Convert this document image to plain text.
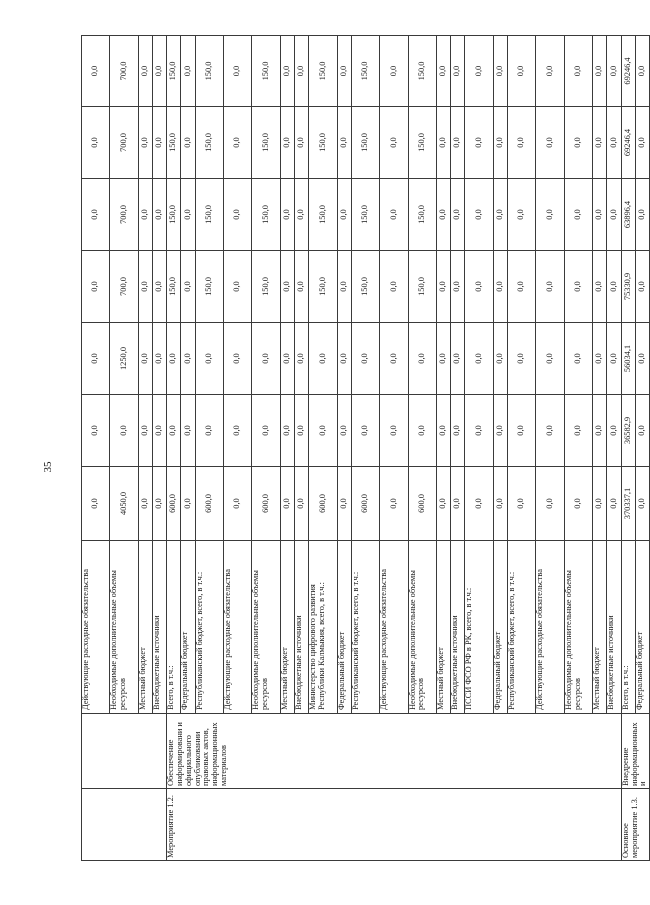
35
		Действующие расходные обязательства	0,0	0,0	0,0	0,0	0,0	0,0	0,0
		Необходимые дополнительные объемы ресурсов	4050,0	0,0	1250,0	700,0	700,0	700,0	700,0
		Местный бюджет	0,0	0,0	0,0	0,0	0,0	0,0	0,0
		Внебюджетные источники	0,0	0,0	0,0	0,0	0,0	0,0	0,0
Мероприятие 1.2.	Обеспечение информировани и официального опубликовании правовых актов, информационных материалов	Всего, в т.ч.:	600,0	0,0	0,0	150,0	150,0	150,0	150,0
		Федеральный бюджет	0,0	0,0	0,0	0,0	0,0	0,0	0,0
		Республиканский бюджет, всего, в т.ч.:	600,0	0,0	0,0	150,0	150,0	150,0	150,0
		Действующие расходные обязательства	0,0	0,0	0,0	0,0	0,0	0,0	0,0
		Необходимые дополнительные объемы ресурсов	600,0	0,0	0,0	150,0	150,0	150,0	150,0
		Местный бюджет	0,0	0,0	0,0	0,0	0,0	0,0	0,0
		Внебюджетные источники	0,0	0,0	0,0	0,0	0,0	0,0	0,0
		Министерство цифрового развития Республики Калмыкия, всего, в т.ч.:	600,0	0,0	0,0	150,0	150,0	150,0	150,0
		Федеральный бюджет	0,0	0,0	0,0	0,0	0,0	0,0	0,0
		Республиканский бюджет, всего, в т.ч.:	600,0	0,0	0,0	150,0	150,0	150,0	150,0
		Действующие расходные обязательства	0,0	0,0	0,0	0,0	0,0	0,0	0,0
		Необходимые дополнительные объемы ресурсов	600,0	0,0	0,0	150,0	150,0	150,0	150,0
		Местный бюджет	0,0	0,0	0,0	0,0	0,0	0,0	0,0
		Внебюджетные источники	0,0	0,0	0,0	0,0	0,0	0,0	0,0
		ПССИ ФСО РФ в РК, всего, в т.ч.:	0,0	0,0	0,0	0,0	0,0	0,0	0,0
		Федеральный бюджет	0,0	0,0	0,0	0,0	0,0	0,0	0,0
		Республиканский бюджет, всего, в т.ч.:	0,0	0,0	0,0	0,0	0,0	0,0	0,0
		Действующие расходные обязательства	0,0	0,0	0,0	0,0	0,0	0,0	0,0
		Необходимые дополнительные объемы ресурсов	0,0	0,0	0,0	0,0	0,0	0,0	0,0
		Местный бюджет	0,0	0,0	0,0	0,0	0,0	0,0	0,0
		Внебюджетные источники	0,0	0,0	0,0	0,0	0,0	0,0	0,0
Основное мероприятие 1.3.	Внедрение информационных и	Всего, в т.ч.:	370337,1	36582,9	56034,1	75330,9	63896,4	69246,4	69246,4
		Федеральный бюджет	0,0	0,0	0,0	0,0	0,0	0,0	0,0
